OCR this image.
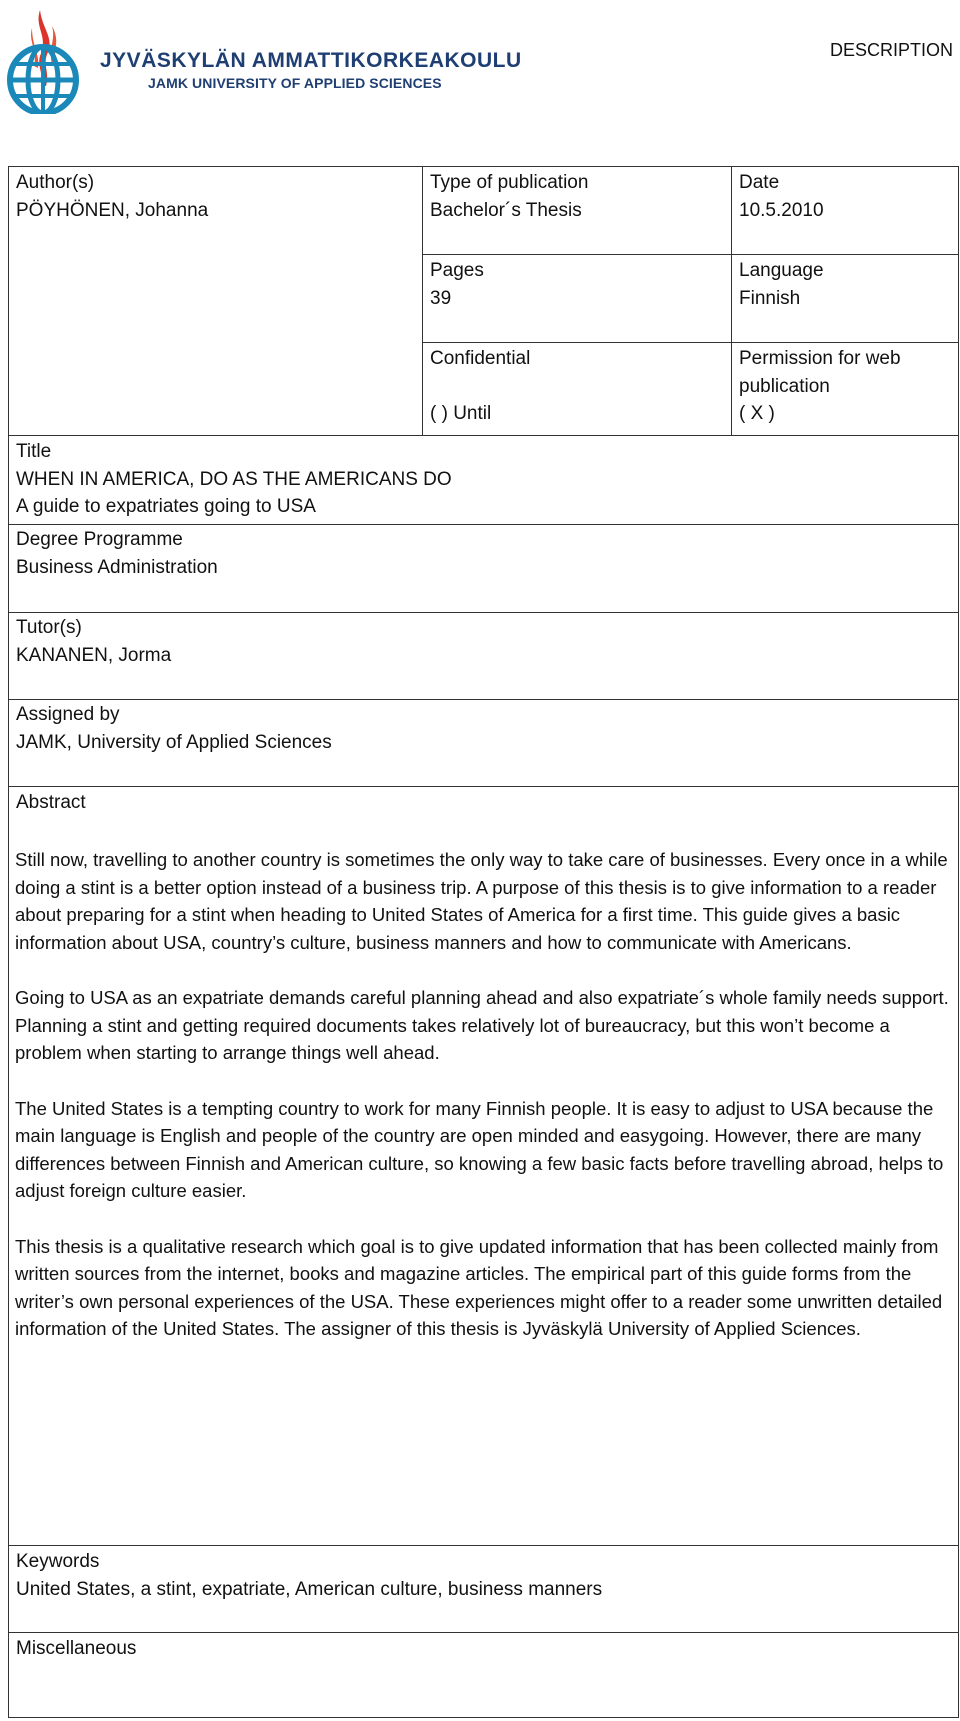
JYVÄSKYLÄN AMMATTIKORKEAKOULU
JAMK UNIVERSITY OF APPLIED SCIENCES
DESCRIPTION
Author(s)
PÖYHÖNEN, Johanna
Type of publication
Bachelor´s Thesis
Date
10.5.2010
Pages
39
Language
Finnish
Confidential
( ) Until
Permission for web
publication
( X )
Title
WHEN IN AMERICA, DO AS THE AMERICANS DO
A guide to expatriates going to USA
Degree Programme
Business Administration
Tutor(s)
KANANEN, Jorma
Assigned by
JAMK, University of Applied Sciences
Abstract

Still now, travelling to another country is sometimes the only way to take care of businesses. Every once in a while doing a stint is a better option instead of a business trip. A purpose of this thesis is to give information to a reader about preparing for a stint when heading to United States of America for a first time. This guide gives a basic information about USA, country’s culture, business manners and how to communicate with Americans.

Going to USA as an expatriate demands careful planning ahead and also expatriate´s whole family needs support. Planning a stint and getting required documents takes relatively lot of bureaucracy, but this won’t become a problem when starting to arrange things well ahead.

The United States is a tempting country to work for many Finnish people. It is easy to adjust to USA because the main language is English and people of the country are open minded and easygoing. However, there are many differences between Finnish and American culture, so knowing a few basic facts before travelling abroad, helps to adjust foreign culture easier.

This thesis is a qualitative research which goal is to give updated information that has been collected mainly from written sources from the internet, books and magazine articles. The empirical part of this guide forms from the writer’s own personal experiences of the USA. These experiences might offer to a reader some unwritten detailed information of the United States. The assigner of this thesis is Jyväskylä University of Applied Sciences.

Keywords
United States, a stint, expatriate, American culture, business manners
Miscellaneous
